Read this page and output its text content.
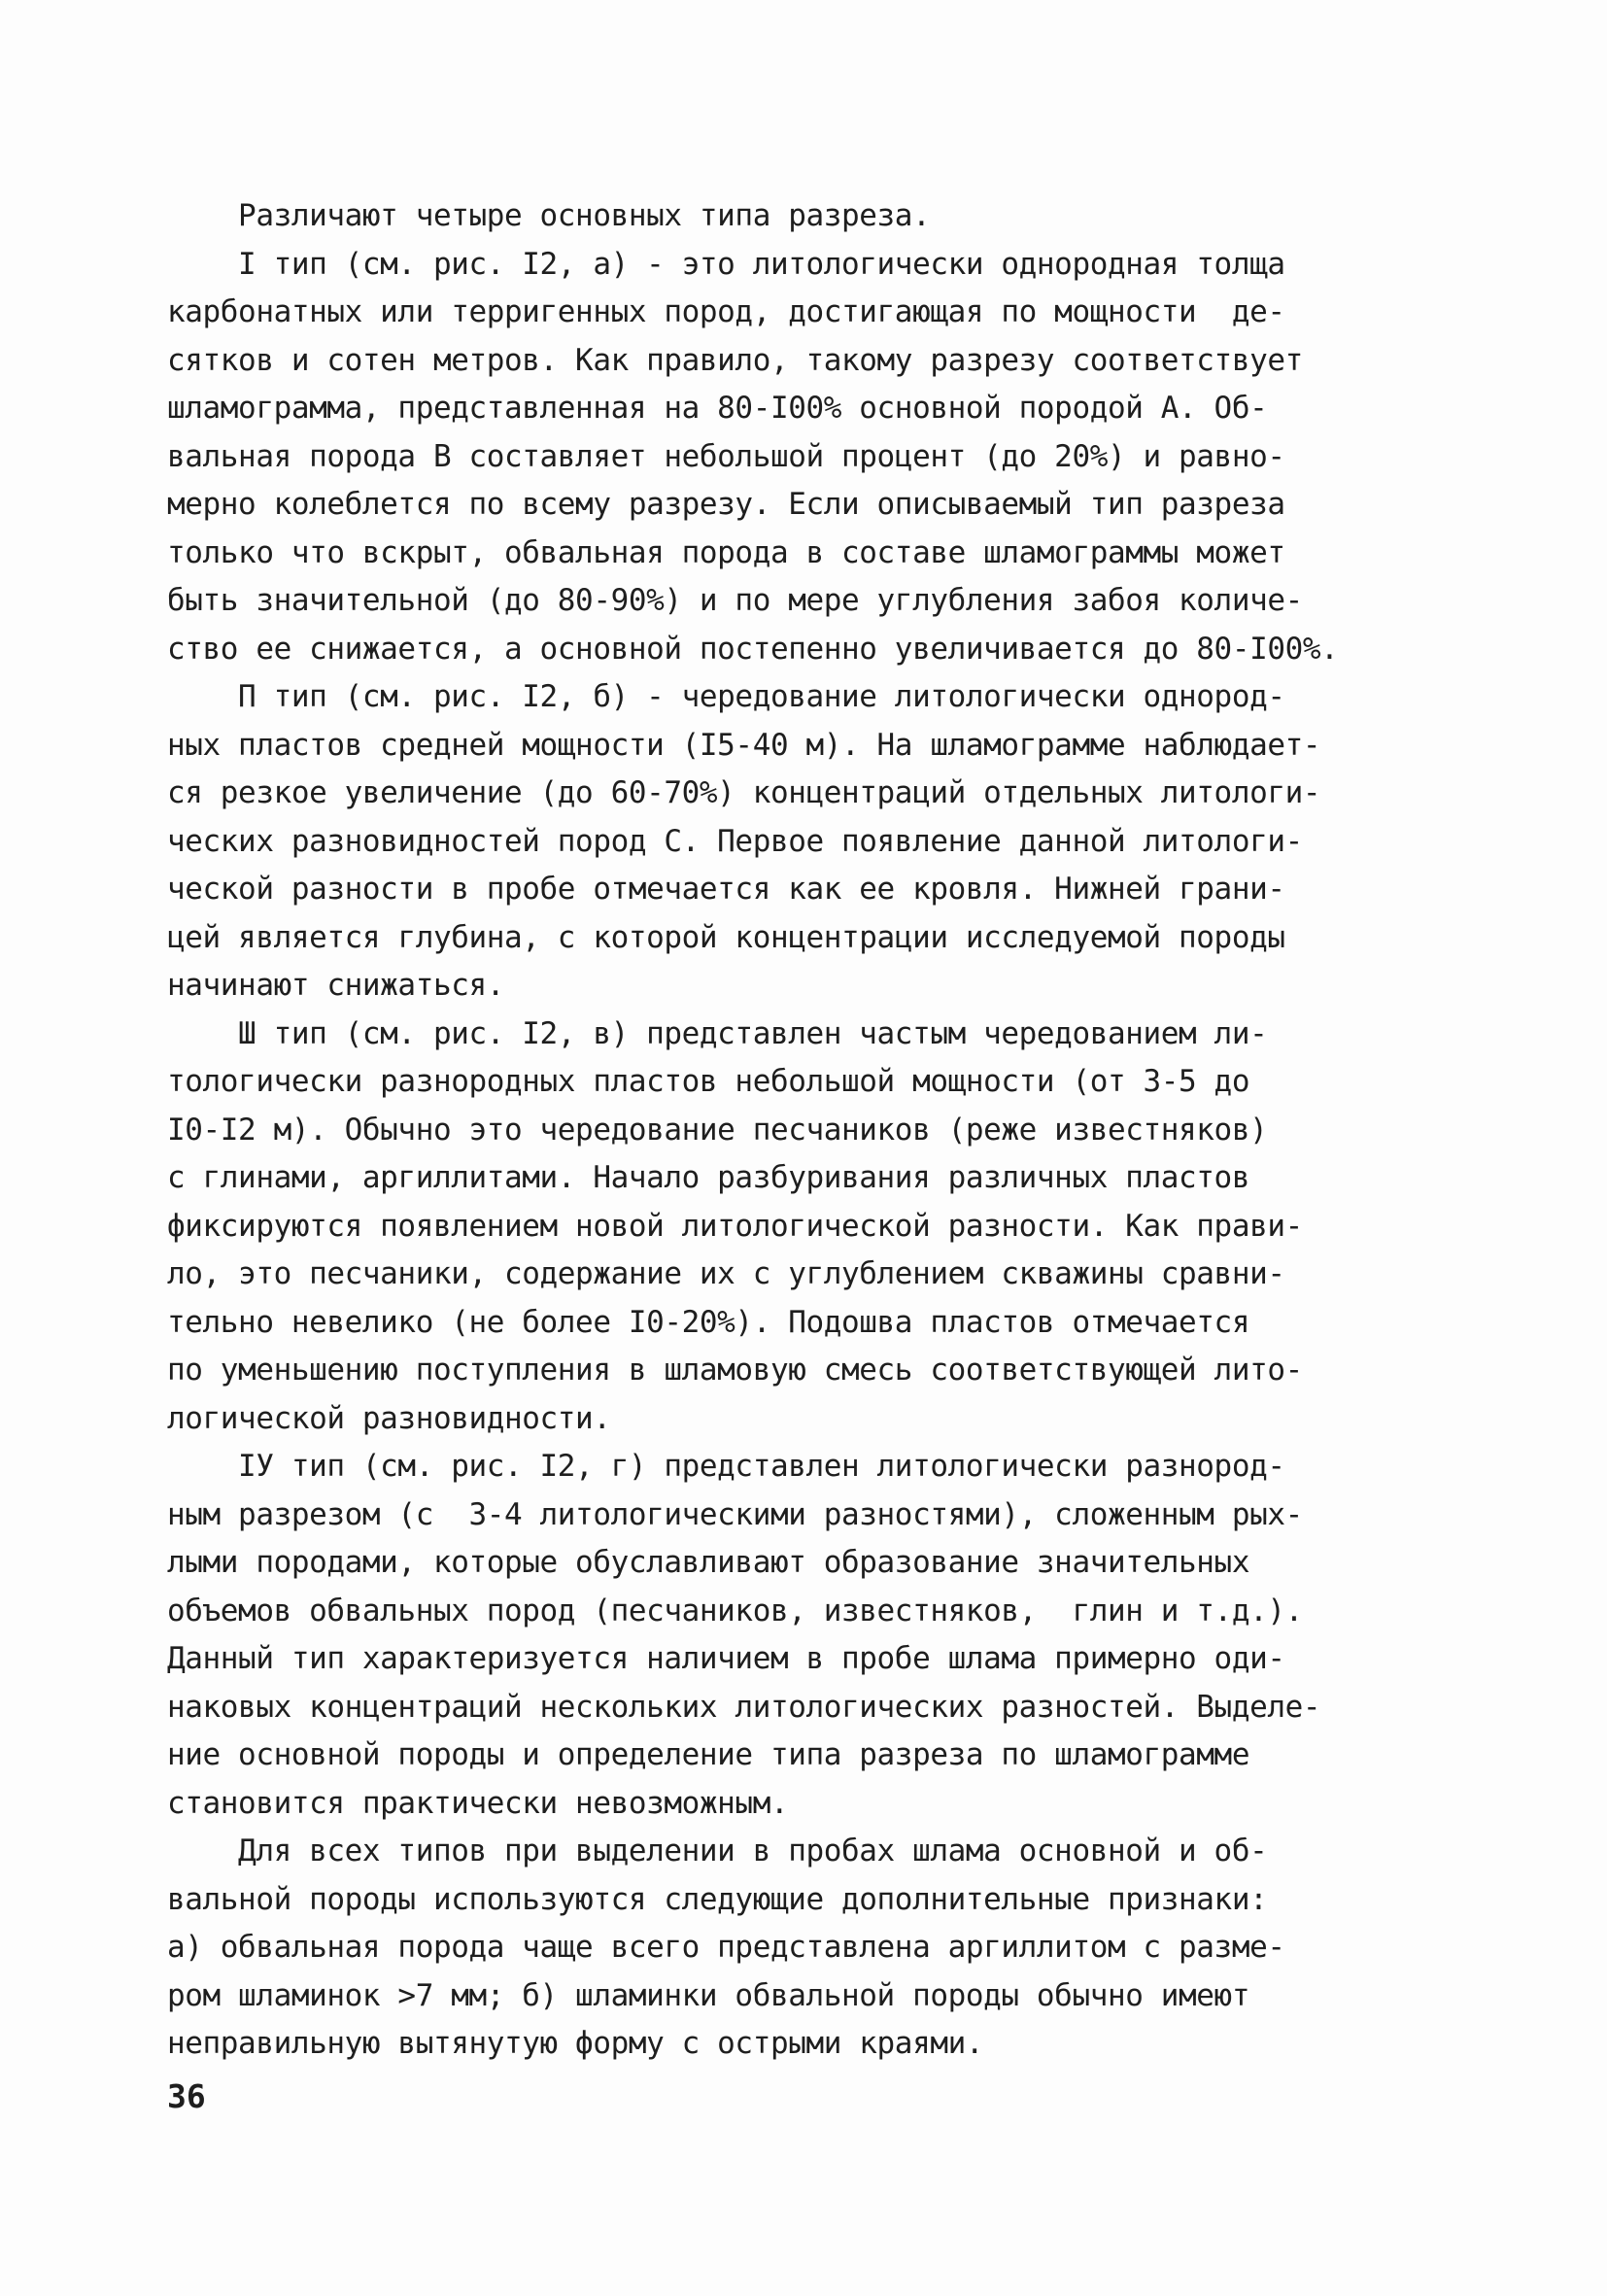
Различают четыре основных типа разреза.
I тип (см. рис. I2, а) - это литологически однородная толща
карбонатных или терригенных пород, достигающая по мощности  де-
сятков и сотен метров. Как правило, такому разрезу соответствует
шламограмма, представленная на 80-I00% основной породой А. Об-
вальная порода В составляет небольшой процент (до 20%) и равно-
мерно колеблется по всему разрезу. Если описываемый тип разреза
только что вскрыт, обвальная порода в составе шламограммы может
быть значительной (до 80-90%) и по мере углубления забоя количе-
ство ее снижается, а основной постепенно увеличивается до 80-I00%.
П тип (см. рис. I2, б) - чередование литологически однород-
ных пластов средней мощности (I5-40 м). На шламограмме наблюдает-
ся резкое увеличение (до 60-70%) концентраций отдельных литологи-
ческих разновидностей пород С. Первое появление данной литологи-
ческой разности в пробе отмечается как ее кровля. Нижней грани-
цей является глубина, с которой концентрации исследуемой породы
начинают снижаться.
Ш тип (см. рис. I2, в) представлен частым чередованием ли-
тологически разнородных пластов небольшой мощности (от 3-5 до
I0-I2 м). Обычно это чередование песчаников (реже известняков)
с глинами, аргиллитами. Начало разбуривания различных пластов
фиксируются появлением новой литологической разности. Как прави-
ло, это песчаники, содержание их с углублением скважины сравни-
тельно невелико (не более I0-20%). Подошва пластов отмечается
по уменьшению поступления в шламовую смесь соответствующей лито-
логической разновидности.
IУ тип (см. рис. I2, г) представлен литологически разнород-
ным разрезом (с  3-4 литологическими разностями), сложенным рых-
лыми породами, которые обуславливают образование значительных
объемов обвальных пород (песчаников, известняков,  глин и т.д.).
Данный тип характеризуется наличием в пробе шлама примерно оди-
наковых концентраций нескольких литологических разностей. Выделе-
ние основной породы и определение типа разреза по шламограмме
становится практически невозможным.
Для всех типов при выделении в пробах шлама основной и об-
вальной породы используются следующие дополнительные признаки:
а) обвальная порода чаще всего представлена аргиллитом с разме-
ром шламинок >7 мм; б) шламинки обвальной породы обычно имеют
неправильную вытянутую форму с острыми краями.
36
